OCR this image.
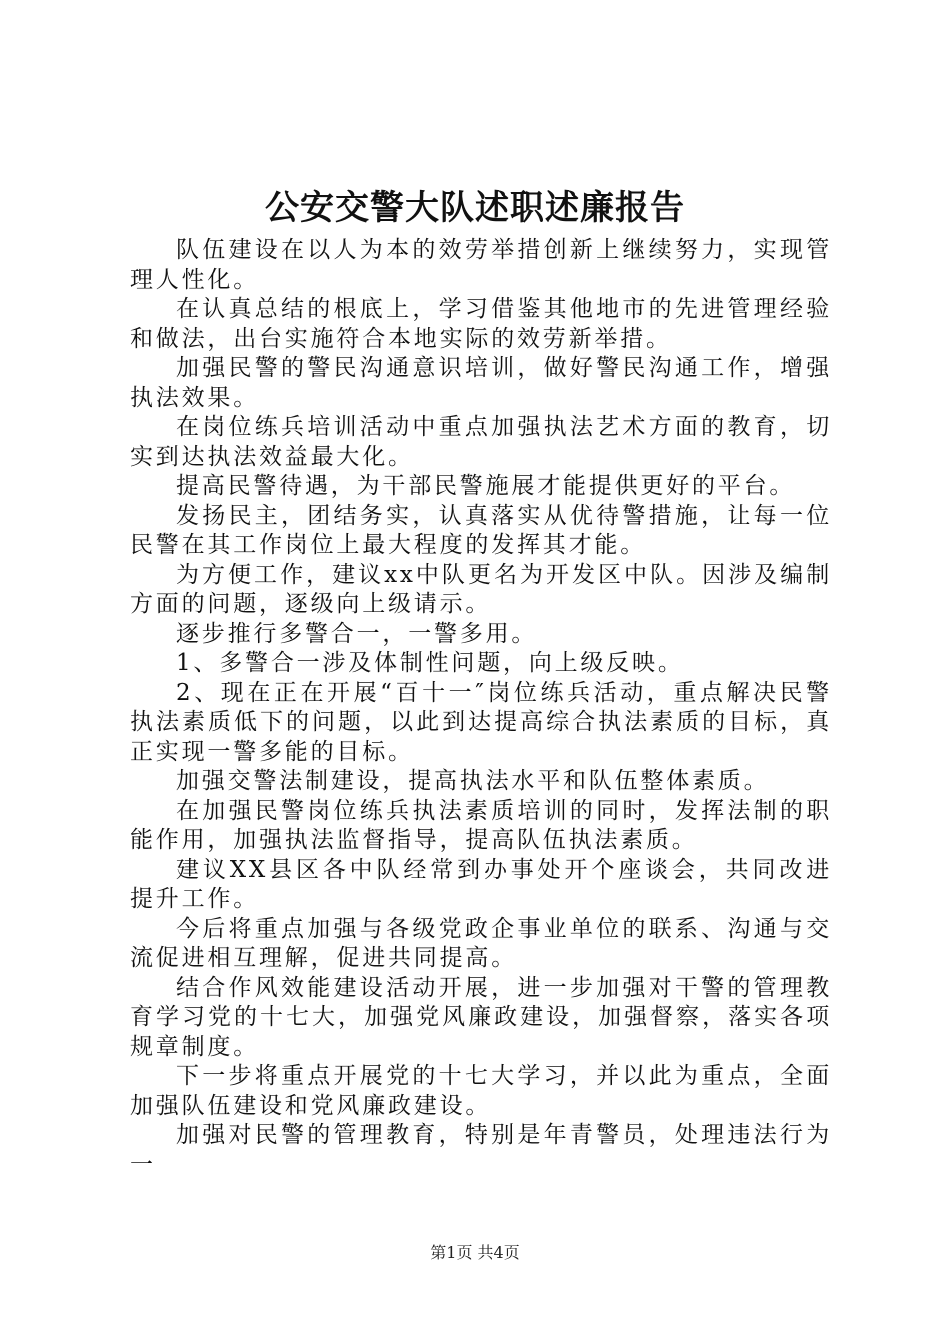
公安交警大队述职述廉报告

队伍建设在以人为本的效劳举措创新上继续努力，实现管理人性化。

在认真总结的根底上，学习借鉴其他地市的先进管理经验和做法，出台实施符合本地实际的效劳新举措。

加强民警的警民沟通意识培训，做好警民沟通工作，增强执法效果。

在岗位练兵培训活动中重点加强执法艺术方面的教育，切实到达执法效益最大化。

提高民警待遇，为干部民警施展才能提供更好的平台。

发扬民主，团结务实，认真落实从优待警措施，让每一位民警在其工作岗位上最大程度的发挥其才能。

为方便工作，建议xx中队更名为开发区中队。因涉及编制方面的问题，逐级向上级请示。

逐步推行多警合一，一警多用。

1、多警合一涉及体制性问题，向上级反映。

2、现在正在开展“百十一″岗位练兵活动，重点解决民警执法素质低下的问题，以此到达提高综合执法素质的目标，真正实现一警多能的目标。

加强交警法制建设，提高执法水平和队伍整体素质。

在加强民警岗位练兵执法素质培训的同时，发挥法制的职能作用，加强执法监督指导，提高队伍执法素质。

建议XX县区各中队经常到办事处开个座谈会，共同改进提升工作。

今后将重点加强与各级党政企事业单位的联系、沟通与交流促进相互理解，促进共同提高。

结合作风效能建设活动开展，进一步加强对干警的管理教育学习党的十七大，加强党风廉政建设，加强督察，落实各项规章制度。

下一步将重点开展党的十七大学习，并以此为重点，全面加强队伍建设和党风廉政建设。

加强对民警的管理教育，特别是年青警员，处理违法行为一

第1页 共4页
